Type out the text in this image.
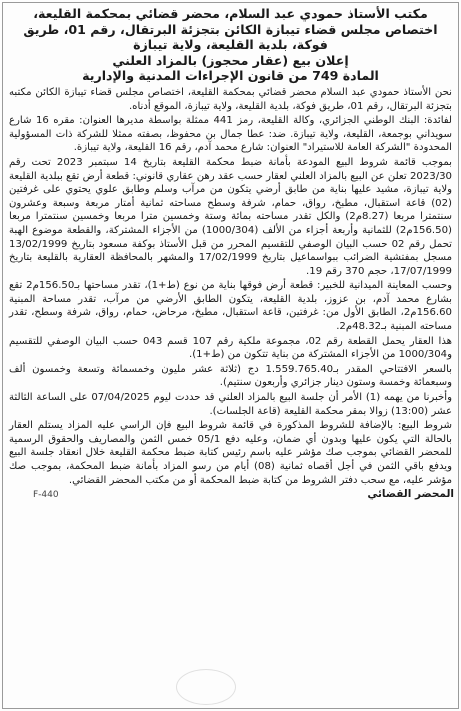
مكتب الأستاذ حمودي عبد السلام، محضر قضائي بمحكمة القليعة،
اختصاص مجلس قضاء تيبازة الكائن بتجزئة البرتقال، رقم 01، طريق
فوكة، بلدية القليعة، ولاية تيبازة
إعلان بيع (عقار محجوز) بالمزاد العلني
المادة 749 من قانون الإجراءات المدنية والإدارية

نحن الأستاذ حمودي عبد السلام محضر قضائي بمحكمة القليعة، اختصاص مجلس قضاء تيبازة الكائن مكتبه بتجزئة البرتقال، رقم 01، طريق فوكة، بلدية القليعة، ولاية تيبازة، الموقع أدناه.

لفائدة: البنك الوطني الجزائري، وكالة القليعة، رمز 441 ممثلة بواسطة مديرها العنوان: مقره 16 شارع سويداني بوجمعة، القليعة، ولاية تيبازة. ضد: عطا جمال بن محفوظ، بصفته ممثلا للشركة ذات المسؤولية المحدودة "الشركة العامة للاستيراد" العنوان: شارع محمد آدم، رقم 16 القليعة، ولاية تيبازة.

بموجب قائمة شروط البيع المودعة بأمانة ضبط محكمة القليعة بتاريخ 14 سبتمبر 2023 تحت رقم 2023/30 تعلن عن البيع بالمزاد العلني لعقار حسب عقد رهن عقاري قانوني: قطعة أرض تقع ببلدية القليعة ولاية تيبازة، مشيد عليها بناية من طابق أرضي يتكون من مرآب وسلم وطابق علوي يحتوي على غرفتين (02) قاعة استقبال، مطبخ، رواق، حمام، شرفة وسطح مساحته ثمانية أمتار مربعة وسبعة وعشرون سنتمترا مربعا (8.27م2) والكل تقدر مساحته بمائة وستة وخمسين مترا مربعا وخمسين سنتمترا مربعا (156.50م2) للثمانية وأربعة أجزاء من الألف (1000/304) من الأجزاء المشتركة، والقطعة موضوع الهبة تحمل رقم 02 حسب البيان الوصفي للتقسيم المحرر من قبل الأستاذ بوكفة مسعود بتاريخ 13/02/1999 مسجل بمفتشية الضرائب ببواسماعيل بتاريخ 17/02/1999 والمشهر بالمحافظة العقارية بالقليعة بتاريخ 17/07/1999، حجم 370 رقم 19.

وحسب المعاينة الميدانية للخبير: قطعة أرض فوقها بناية من نوع (ط+1)، تقدر مساحتها بـ156.50م2 تقع بشارع محمد آدم، بن عزوز، بلدية القليعة، يتكون الطابق الأرضي من مرآب، تقدر مساحة المبنية 156.60م2، الطابق الأول من: غرفتين، قاعة استقبال، مطبخ، مرحاض، حمام، رواق، شرفة وسطح، تقدر مساحته المبنية بـ48.32م2.

هذا العقار يحمل القطعة رقم 02، مجموعة ملكية رقم 107 قسم 043 حسب البيان الوصفي للتقسيم و1000/304 من الأجزاء المشتركة من بناية تتكون من (ط+1).

بالسعر الافتتاحي المقدر بـ1.559.765.40 دج (ثلاثة عشر مليون وخمسمائة وتسعة وخمسون ألف وسبعمائة وخمسة وستون دينار جزائري وأربعون سنتيم).

وأخبرنا من يهمه (1) الأمر أن جلسة البيع بالمزاد العلني قد حددت ليوم 07/04/2025 على الساعة الثالثة عشر (13:00) زوالا بمقر محكمة القليعة (قاعة الجلسات).

شروط البيع: بالإضافة للشروط المذكورة في قائمة شروط البيع فإن الراسي عليه المزاد يستلم العقار بالحالة التي يكون عليها وبدون أي ضمان، وعليه دفع 05/1 خمس الثمن والمصاريف والحقوق الرسمية للمحضر القضائي بموجب صك مؤشر عليه باسم رئيس كتابة ضبط محكمة القليعة خلال انعقاد جلسة البيع ويدفع باقي الثمن في أجل أقصاه ثمانية (08) أيام من رسو المزاد بأمانة ضبط المحكمة، بموجب صك مؤشر عليه، مع سحب دفتر الشروط من كتابة ضبط المحكمة أو من مكتب المحضر القضائي.

المحضر القضائي
F-440
